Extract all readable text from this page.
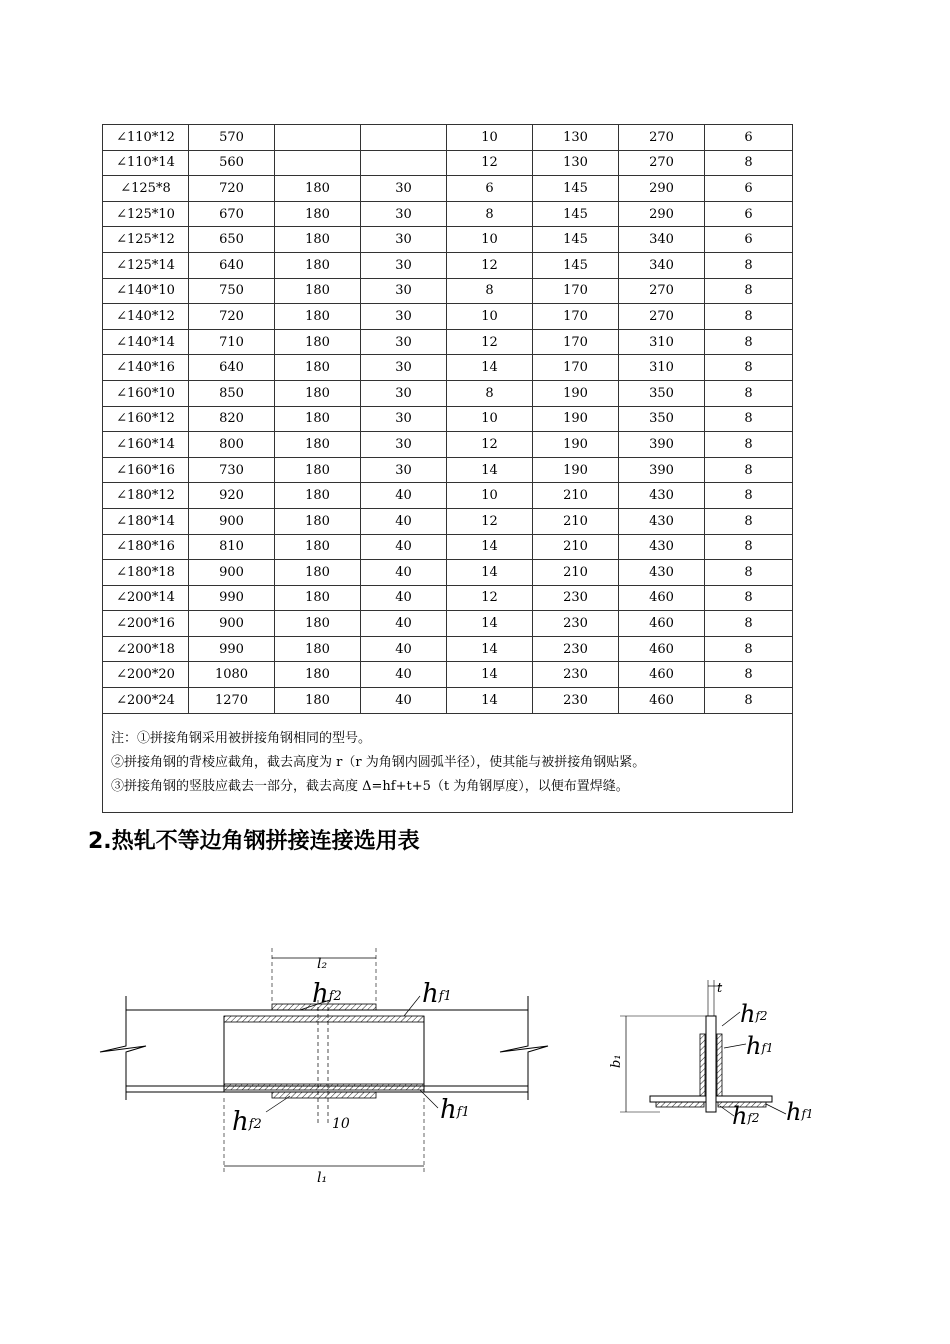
∠110*12	570			10	130	270	6
∠110*14	560			12	130	270	8
∠125*8	720	180	30	6	145	290	6
∠125*10	670	180	30	8	145	290	6
∠125*12	650	180	30	10	145	340	6
∠125*14	640	180	30	12	145	340	8
∠140*10	750	180	30	8	170	270	8
∠140*12	720	180	30	10	170	270	8
∠140*14	710	180	30	12	170	310	8
∠140*16	640	180	30	14	170	310	8
∠160*10	850	180	30	8	190	350	8
∠160*12	820	180	30	10	190	350	8
∠160*14	800	180	30	12	190	390	8
∠160*16	730	180	30	14	190	390	8
∠180*12	920	180	40	10	210	430	8
∠180*14	900	180	40	12	210	430	8
∠180*16	810	180	40	14	210	430	8
∠180*18	900	180	40	14	210	430	8
∠200*14	990	180	40	12	230	460	8
∠200*16	900	180	40	14	230	460	8
∠200*18	990	180	40	14	230	460	8
∠200*20	1080	180	40	14	230	460	8
∠200*24	1270	180	40	14	230	460	8

注：①拼接角钢采用被拼接角钢相同的型号。
②拼接角钢的背棱应截角，截去高度为 r（r 为角钢内圆弧半径），使其能与被拼接角钢贴紧。
③拼接角钢的竖肢应截去一部分，截去高度 Δ=hf+t+5（t 为角钢厚度），以便布置焊缝。							
2.热轧不等边角钢拼接连接选用表
l₂
10
l₁
hf2	hf1
hf2	hf1
t
b₁
hf2
hf1
hf2 hf1
